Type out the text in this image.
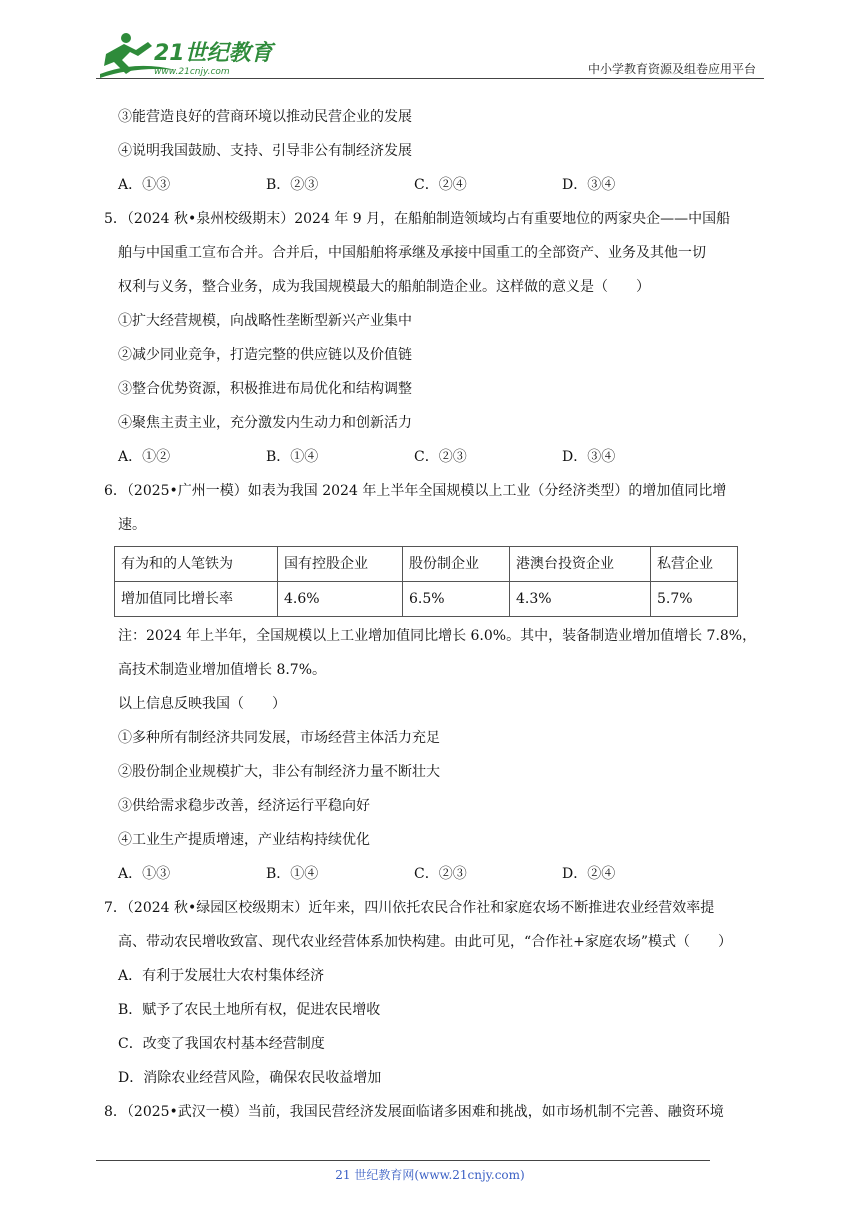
21世纪教育
www.21cnjy.com	中小学教育资源及组卷应用平台
③能营造良好的营商环境以推动民营企业的发展
④说明我国鼓励、支持、引导非公有制经济发展
A．①③	B．②③	C．②④	D．③④
5．（2024 秋•泉州校级期末）2024 年 9 月，在船舶制造领域均占有重要地位的两家央企——中国船
舶与中国重工宣布合并。合并后，中国船舶将承继及承接中国重工的全部资产、业务及其他一切
权利与义务，整合业务，成为我国规模最大的船舶制造企业。这样做的意义是（　　）
①扩大经营规模，向战略性垄断型新兴产业集中
②减少同业竞争，打造完整的供应链以及价值链
③整合优势资源，积极推进布局优化和结构调整
④聚焦主责主业，充分激发内生动力和创新活力
A．①②	B．①④	C．②③	D．③④
6．（2025•广州一模）如表为我国 2024 年上半年全国规模以上工业（分经济类型）的增加值同比增
速。
有为和的人笔铁为	国有控股企业	股份制企业	港澳台投资企业	私营企业
增加值同比增长率	4.6%	6.5%	4.3%	5.7%
注：2024 年上半年，全国规模以上工业增加值同比增长 6.0%。其中，装备制造业增加值增长 7.8%，
高技术制造业增加值增长 8.7%。
以上信息反映我国（　　）
①多种所有制经济共同发展，市场经营主体活力充足
②股份制企业规模扩大，非公有制经济力量不断壮大
③供给需求稳步改善，经济运行平稳向好
④工业生产提质增速，产业结构持续优化
A．①③	B．①④	C．②③	D．②④
7．（2024 秋•绿园区校级期末）近年来，四川依托农民合作社和家庭农场不断推进农业经营效率提
高、带动农民增收致富、现代农业经营体系加快构建。由此可见，“合作社+家庭农场”模式（　　）
A．有利于发展壮大农村集体经济
B．赋予了农民土地所有权，促进农民增收
C．改变了我国农村基本经营制度
D．消除农业经营风险，确保农民收益增加
8．（2025•武汉一模）当前，我国民营经济发展面临诸多困难和挑战，如市场机制不完善、融资环境
21 世纪教育网(www.21cnjy.com)
